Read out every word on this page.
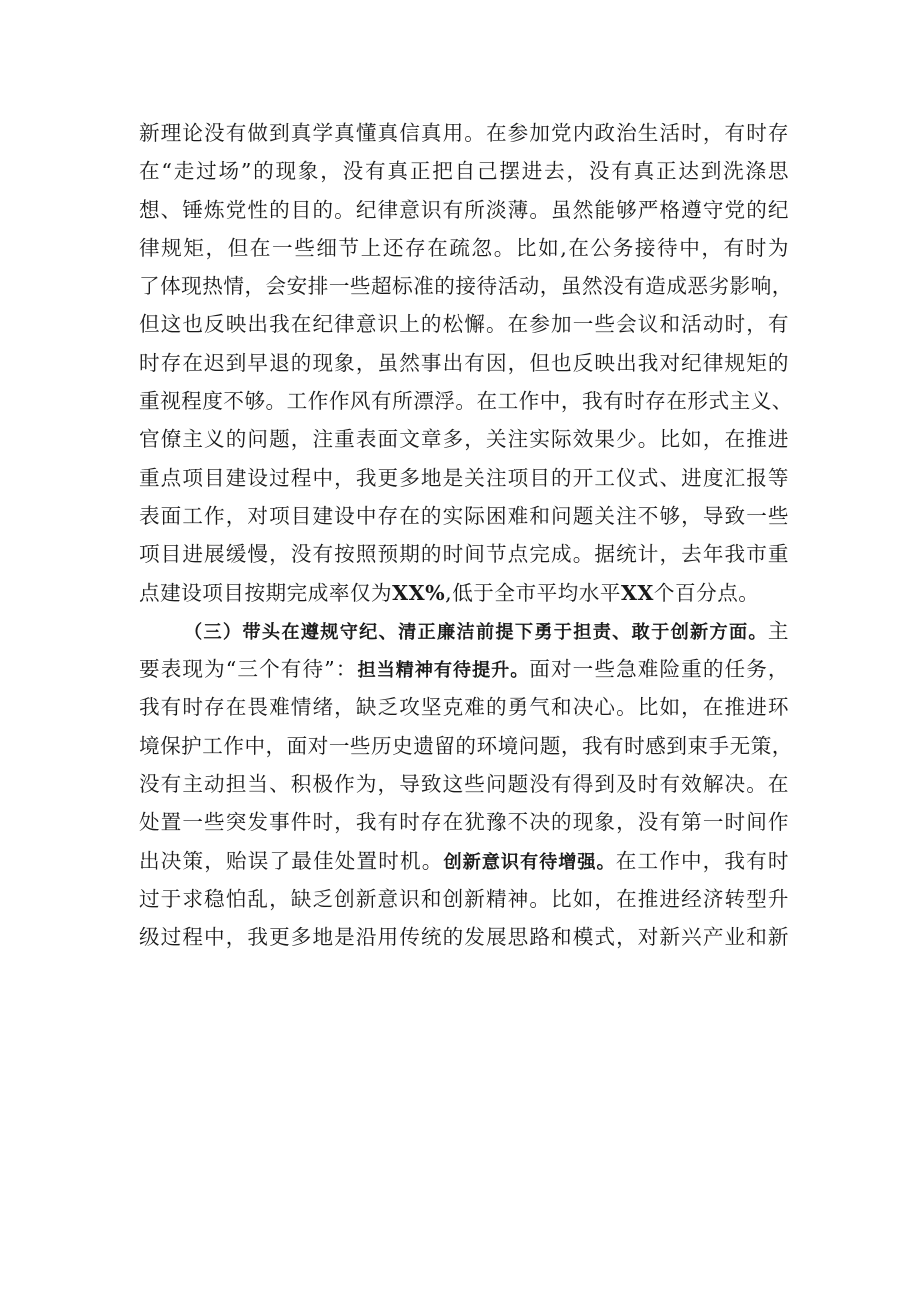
新理论没有做到真学真懂真信真用。在参加党内政治生活时，有时存
在“走过场”的现象，没有真正把自己摆进去，没有真正达到洗涤思
想、锤炼党性的目的。纪律意识有所淡薄。虽然能够严格遵守党的纪
律规矩，但在一些细节上还存在疏忽。比如,在公务接待中，有时为
了体现热情，会安排一些超标准的接待活动，虽然没有造成恶劣影响，
但这也反映出我在纪律意识上的松懈。在参加一些会议和活动时，有
时存在迟到早退的现象，虽然事出有因，但也反映出我对纪律规矩的
重视程度不够。工作作风有所漂浮。在工作中，我有时存在形式主义、
官僚主义的问题，注重表面文章多，关注实际效果少。比如，在推进
重点项目建设过程中，我更多地是关注项目的开工仪式、进度汇报等
表面工作，对项目建设中存在的实际困难和问题关注不够，导致一些
项目进展缓慢，没有按照预期的时间节点完成。据统计，去年我市重
点建设项目按期完成率仅为XX%,低于全市平均水平XX个百分点。
（三）带头在遵规守纪、清正廉洁前提下勇于担责、敢于创新方面。主
要表现为“三个有待”：担当精神有待提升。面对一些急难险重的任务，
我有时存在畏难情绪，缺乏攻坚克难的勇气和决心。比如，在推进环
境保护工作中，面对一些历史遗留的环境问题，我有时感到束手无策，
没有主动担当、积极作为，导致这些问题没有得到及时有效解决。在
处置一些突发事件时，我有时存在犹豫不决的现象，没有第一时间作
出决策，贻误了最佳处置时机。创新意识有待增强。在工作中，我有时
过于求稳怕乱，缺乏创新意识和创新精神。比如，在推进经济转型升
级过程中，我更多地是沿用传统的发展思路和模式，对新兴产业和新
